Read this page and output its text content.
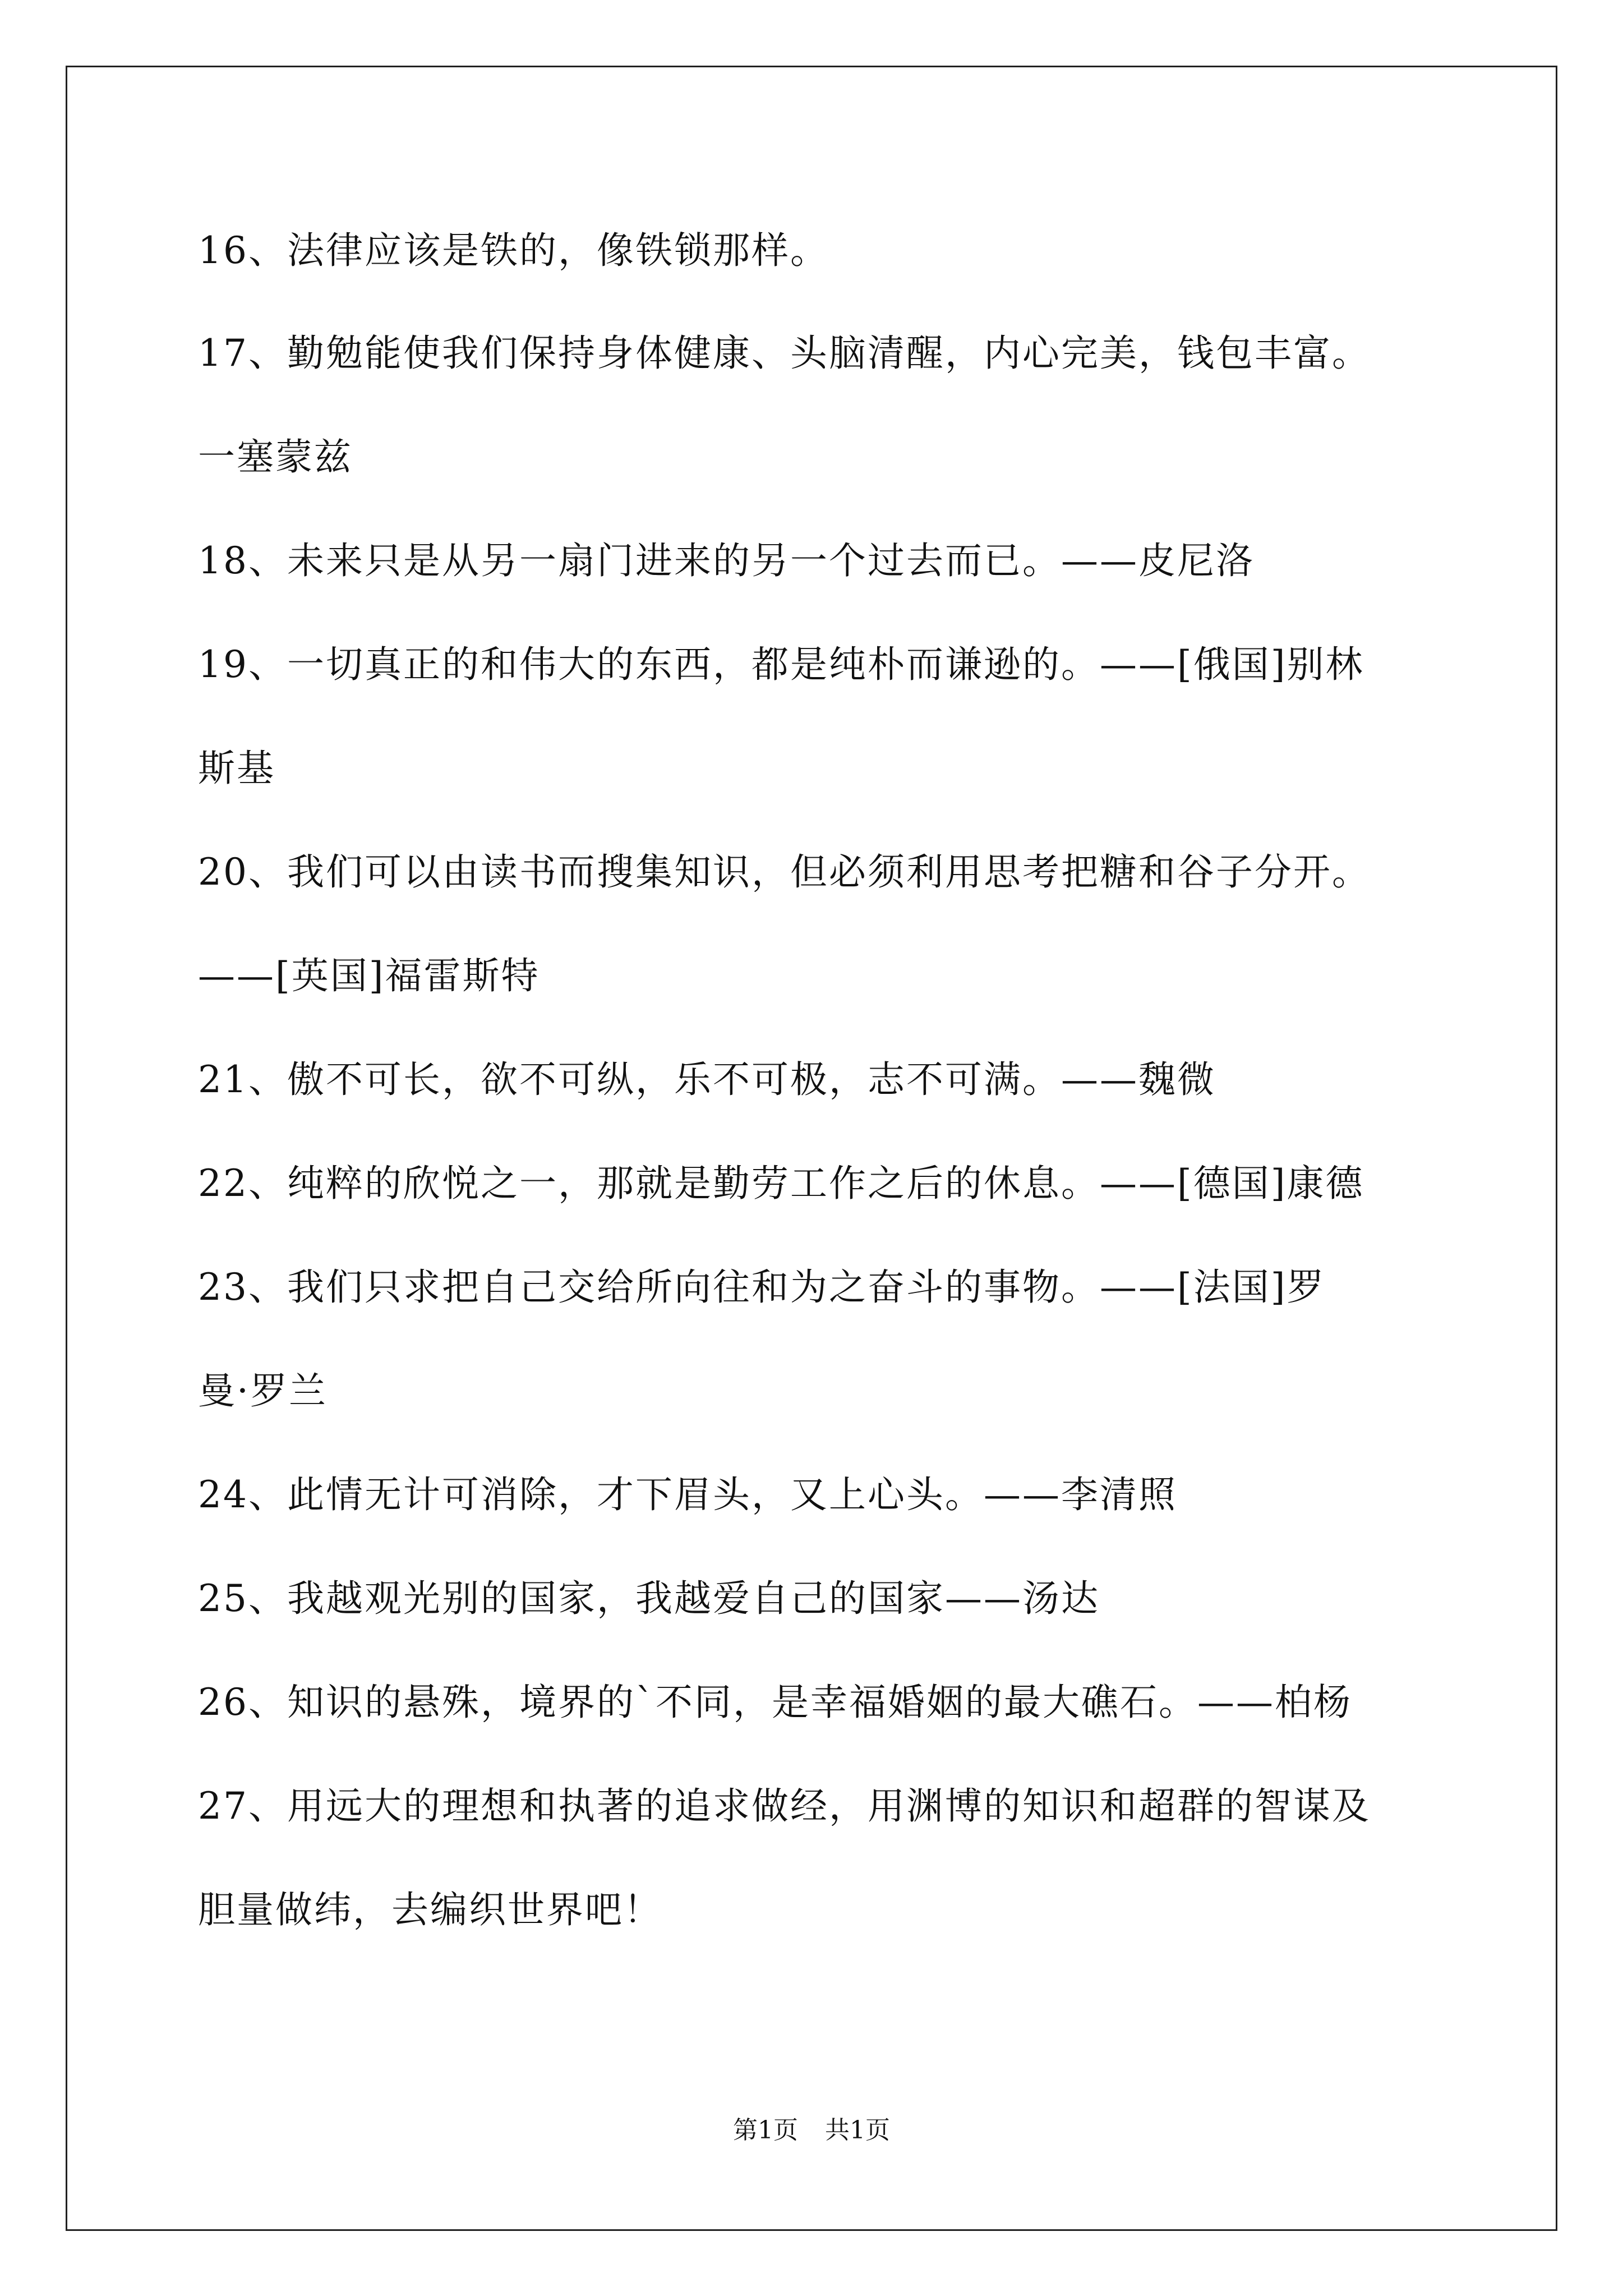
16、法律应该是铁的，像铁锁那样。
17、勤勉能使我们保持身体健康、头脑清醒，内心完美，钱包丰富。
一塞蒙兹
18、未来只是从另一扇门进来的另一个过去而已。——皮尼洛
19、一切真正的和伟大的东西，都是纯朴而谦逊的。——[俄国]别林
斯基
20、我们可以由读书而搜集知识，但必须利用思考把糖和谷子分开。
——[英国]福雷斯特
21、傲不可长，欲不可纵，乐不可极，志不可满。——魏微
22、纯粹的欣悦之一，那就是勤劳工作之后的休息。——[德国]康德
23、我们只求把自己交给所向往和为之奋斗的事物。——[法国]罗
曼·罗兰
24、此情无计可消除，才下眉头，又上心头。——李清照
25、我越观光别的国家，我越爱自己的国家——汤达
26、知识的悬殊，境界的`不同，是幸福婚姻的最大礁石。——柏杨
27、用远大的理想和执著的追求做经，用渊博的知识和超群的智谋及
胆量做纬，去编织世界吧！
第1页 共1页
